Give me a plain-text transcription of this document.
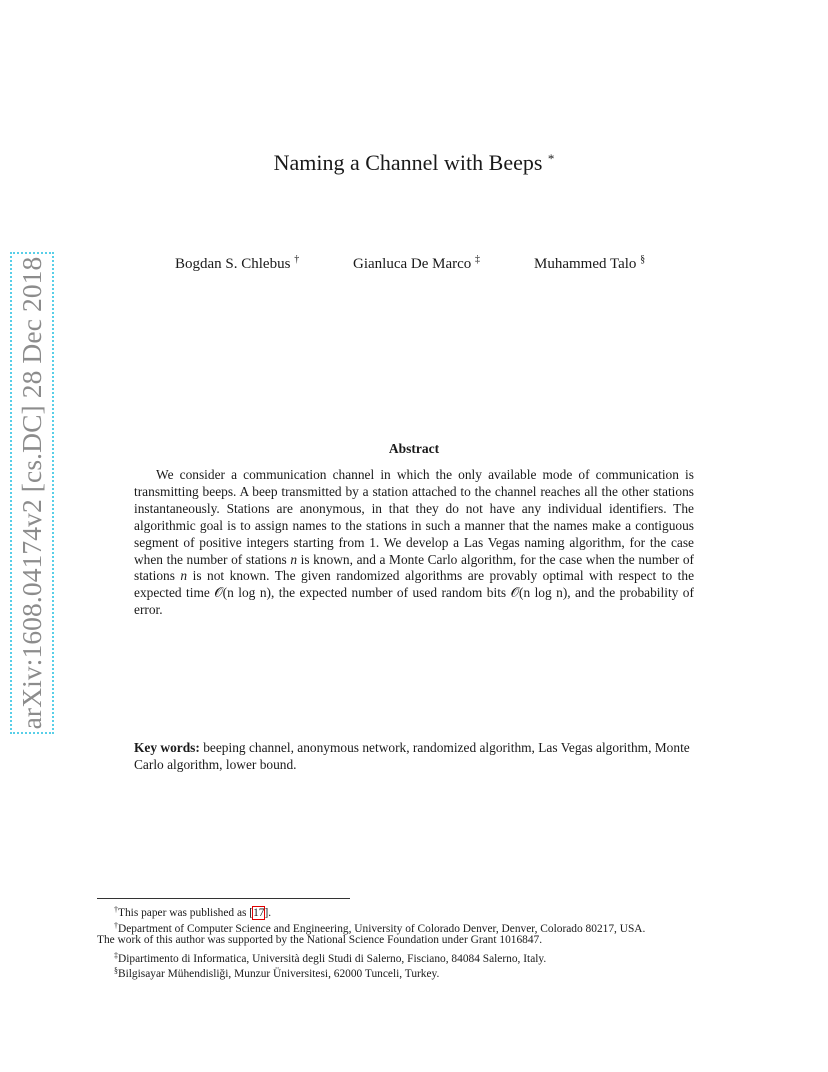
arXiv:1608.04174v2 [cs.DC] 28 Dec 2018
Naming a Channel with Beeps *
Bogdan S. Chlebus †	Gianluca De Marco ‡	Muhammed Talo §
Abstract
We consider a communication channel in which the only available mode of communication is transmitting beeps. A beep transmitted by a station attached to the channel reaches all the other stations instantaneously. Stations are anonymous, in that they do not have any individual identifiers. The algorithmic goal is to assign names to the stations in such a manner that the names make a contiguous segment of positive integers starting from 1. We develop a Las Vegas naming algorithm, for the case when the number of stations n is known, and a Monte Carlo algorithm, for the case when the number of stations n is not known. The given randomized algorithms are provably optimal with respect to the expected time 𝒪(n log n), the expected number of used random bits 𝒪(n log n), and the probability of error.
Key words: beeping channel, anonymous network, randomized algorithm, Las Vegas algorithm, Monte Carlo algorithm, lower bound.
†This paper was published as [17].
†Department of Computer Science and Engineering, University of Colorado Denver, Denver, Colorado 80217, USA.
The work of this author was supported by the National Science Foundation under Grant 1016847.
‡Dipartimento di Informatica, Università degli Studi di Salerno, Fisciano, 84084 Salerno, Italy.
§Bilgisayar Mühendisliği, Munzur Üniversitesi, 62000 Tunceli, Turkey.
